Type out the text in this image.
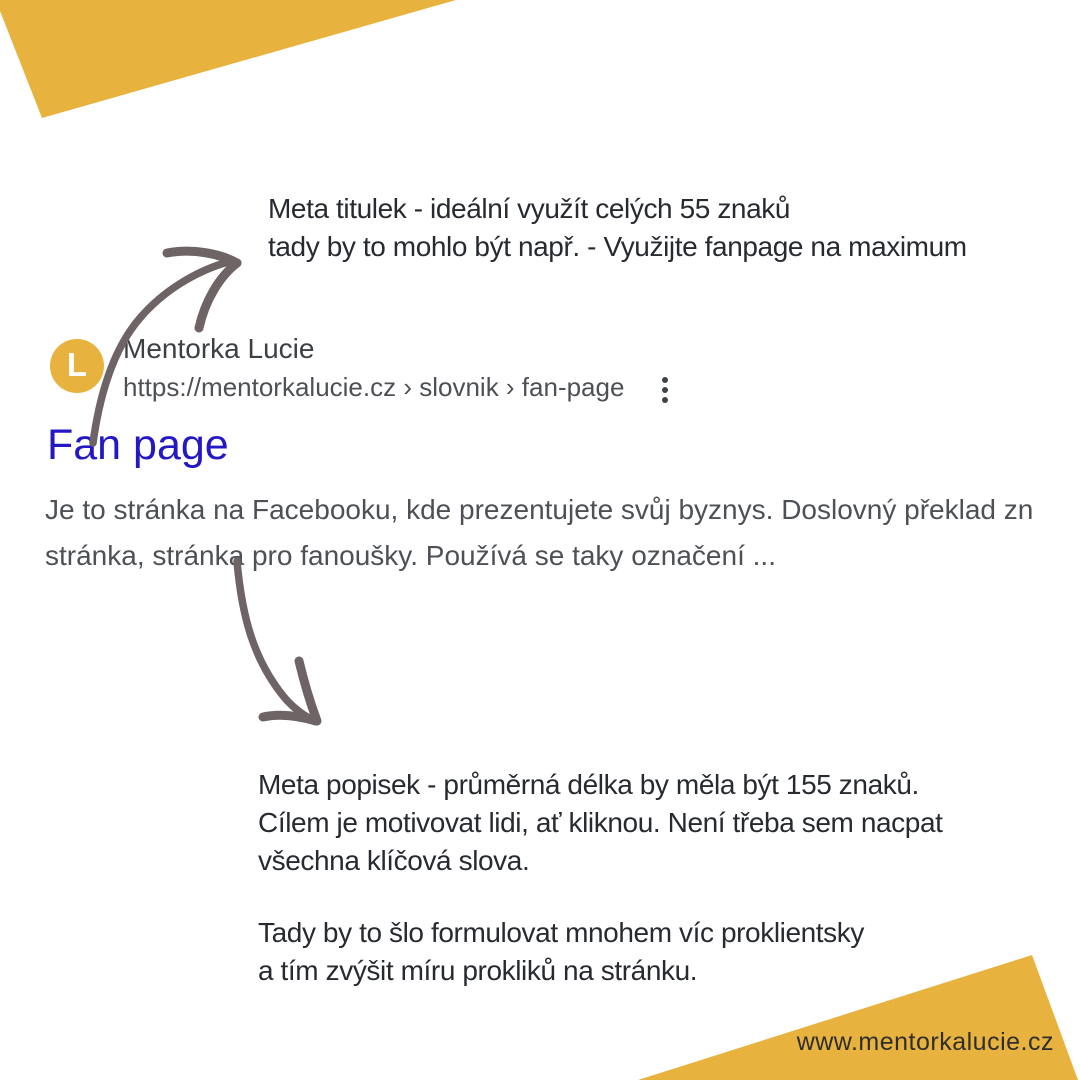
Meta titulek - ideální využít celých 55 znaků
tady by to mohlo být např. - Využijte fanpage na maximum
L Mentorka Lucie
https://mentorkalucie.cz › slovnik › fan-page
Fan page
Je to stránka na Facebooku, kde prezentujete svůj byznys. Doslovný překlad zn
stránka, stránka pro fanoušky. Používá se taky označení ...
Meta popisek - průměrná délka by měla být 155 znaků.
Cílem je motivovat lidi, ať kliknou. Není třeba sem nacpat
všechna klíčová slova.
Tady by to šlo formulovat mnohem víc proklientsky
a tím zvýšit míru prokliků na stránku.
www.mentorkalucie.cz
